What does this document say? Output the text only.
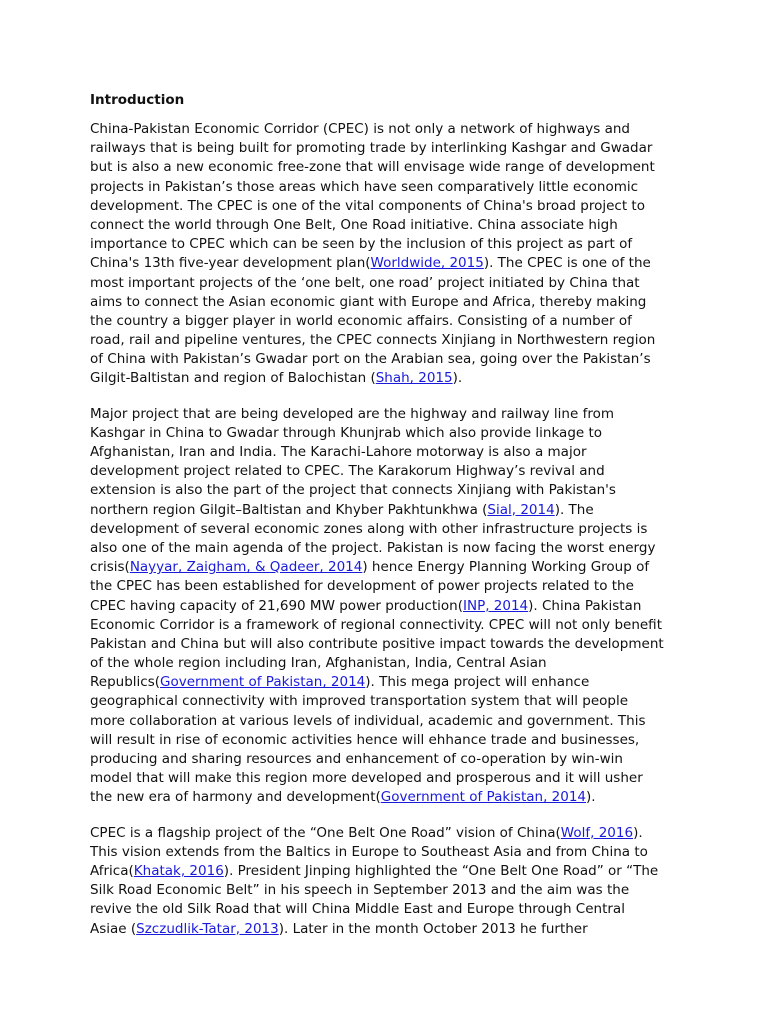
Introduction
China-Pakistan Economic Corridor (CPEC) is not only a network of highways and
railways that is being built for promoting trade by interlinking Kashgar and Gwadar
but is also a new economic free-zone that will envisage wide range of development
projects in Pakistan’s those areas which have seen comparatively little economic
development. The CPEC is one of the vital components of China's broad project to
connect the world through One Belt, One Road initiative. China associate high
importance to CPEC which can be seen by the inclusion of this project as part of
China's 13th five-year development plan(Worldwide, 2015). The CPEC is one of the
most important projects of the ‘one belt, one road’ project initiated by China that
aims to connect the Asian economic giant with Europe and Africa, thereby making
the country a bigger player in world economic affairs. Consisting of a number of
road, rail and pipeline ventures, the CPEC connects Xinjiang in Northwestern region
of China with Pakistan’s Gwadar port on the Arabian sea, going over the Pakistan’s
Gilgit-Baltistan and region of Balochistan (Shah, 2015).
Major project that are being developed are the highway and railway line from
Kashgar in China to Gwadar through Khunjrab which also provide linkage to
Afghanistan, Iran and India. The Karachi-Lahore motorway is also a major
development project related to CPEC. The Karakorum Highway’s revival and
extension is also the part of the project that connects Xinjiang with Pakistan's
northern region Gilgit–Baltistan and Khyber Pakhtunkhwa (Sial, 2014). The
development of several economic zones along with other infrastructure projects is
also one of the main agenda of the project. Pakistan is now facing the worst energy
crisis(Nayyar, Zaigham, & Qadeer, 2014) hence Energy Planning Working Group of
the CPEC has been established for development of power projects related to the
CPEC having capacity of 21,690 MW power production(INP, 2014). China Pakistan
Economic Corridor is a framework of regional connectivity. CPEC will not only benefit
Pakistan and China but will also contribute positive impact towards the development
of the whole region including Iran, Afghanistan, India, Central Asian
Republics(Government of Pakistan, 2014). This mega project will enhance
geographical connectivity with improved transportation system that will people
more collaboration at various levels of individual, academic and government. This
will result in rise of economic activities hence will ehhance trade and businesses,
producing and sharing resources and enhancement of co-operation by win-win
model that will make this region more developed and prosperous and it will usher
the new era of harmony and development(Government of Pakistan, 2014).
CPEC is a flagship project of the “One Belt One Road” vision of China(Wolf, 2016).
This vision extends from the Baltics in Europe to Southeast Asia and from China to
Africa(Khatak, 2016). President Jinping highlighted the “One Belt One Road” or “The
Silk Road Economic Belt” in his speech in September 2013 and the aim was the
revive the old Silk Road that will China Middle East and Europe through Central
Asiae (Szczudlik-Tatar, 2013). Later in the month October 2013 he further
